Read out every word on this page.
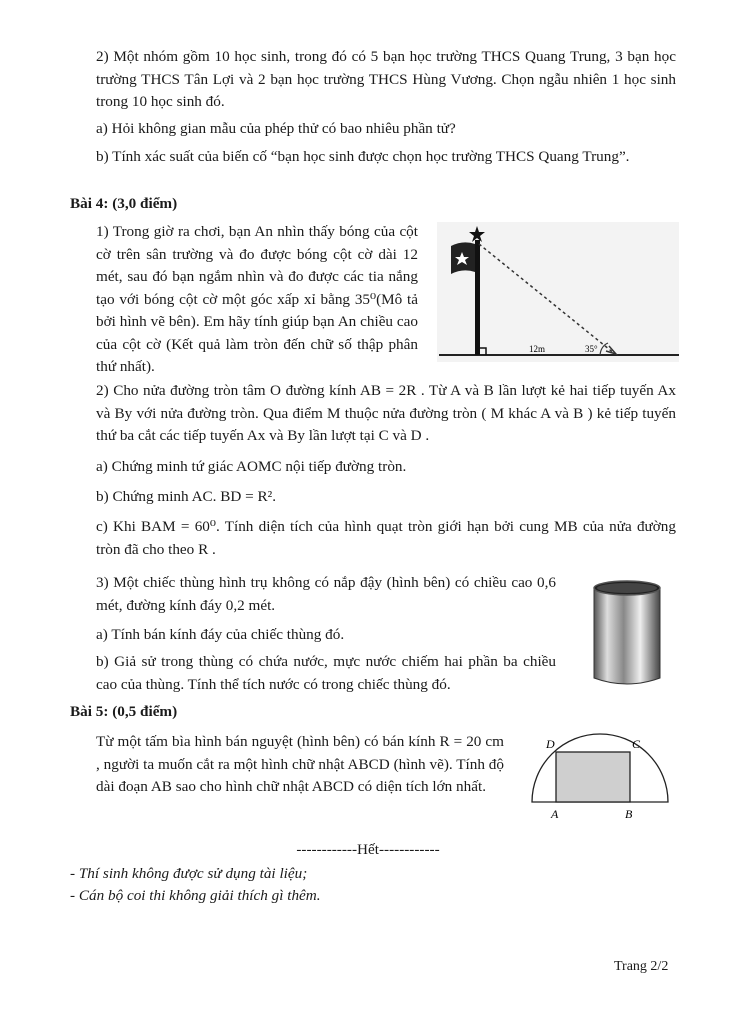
2) Một nhóm gồm 10 học sinh, trong đó có 5 bạn học trường THCS Quang Trung, 3 bạn học trường THCS Tân Lợi và 2 bạn học trường THCS Hùng Vương. Chọn ngẫu nhiên 1 học sinh trong 10 học sinh đó.

a) Hỏi không gian mẫu của phép thử có bao nhiêu phần tử?

b) Tính xác suất của biến cố “bạn học sinh được chọn học trường THCS Quang Trung”.

Bài 4: (3,0 điểm)

1) Trong giờ ra chơi, bạn An nhìn thấy bóng của cột cờ trên sân trường và đo được bóng cột cờ dài 12 mét, sau đó bạn ngắm nhìn và đo được các tia nắng tạo với bóng cột cờ một góc xấp xỉ bằng 35⁰(Mô tả bởi hình vẽ bên). Em hãy tính giúp bạn An chiều cao của cột cờ (Kết quả làm tròn đến chữ số thập phân thứ nhất).

12m	35°

2) Cho nửa đường tròn tâm O đường kính AB = 2R . Từ A và B lần lượt kẻ hai tiếp tuyến Ax và By với nửa đường tròn. Qua điểm M thuộc nửa đường tròn ( M khác A và B ) kẻ tiếp tuyến thứ ba cắt các tiếp tuyến Ax và By lần lượt tại C và D .

a) Chứng minh tứ giác AOMC nội tiếp đường tròn.

b) Chứng minh AC. BD = R².

c) Khi BAM = 60⁰. Tính diện tích của hình quạt tròn giới hạn bởi cung MB của nửa đường tròn đã cho theo R .

3) Một chiếc thùng hình trụ không có nắp đậy (hình bên) có chiều cao 0,6 mét, đường kính đáy 0,2 mét.

a) Tính bán kính đáy của chiếc thùng đó.

b) Giả sử trong thùng có chứa nước, mực nước chiếm hai phần ba chiều cao của thùng. Tính thể tích nước có trong chiếc thùng đó.

Bài 5: (0,5 điểm)

Từ một tấm bìa hình bán nguyệt (hình bên) có bán kính R = 20 cm , người ta muốn cắt ra một hình chữ nhật ABCD (hình vẽ). Tính độ dài đoạn AB sao cho hình chữ nhật ABCD có diện tích lớn nhất.

D	C
A	B

------------Hết------------

- Thí sinh không được sử dụng tài liệu;

- Cán bộ coi thi không giải thích gì thêm.

Trang 2/2
